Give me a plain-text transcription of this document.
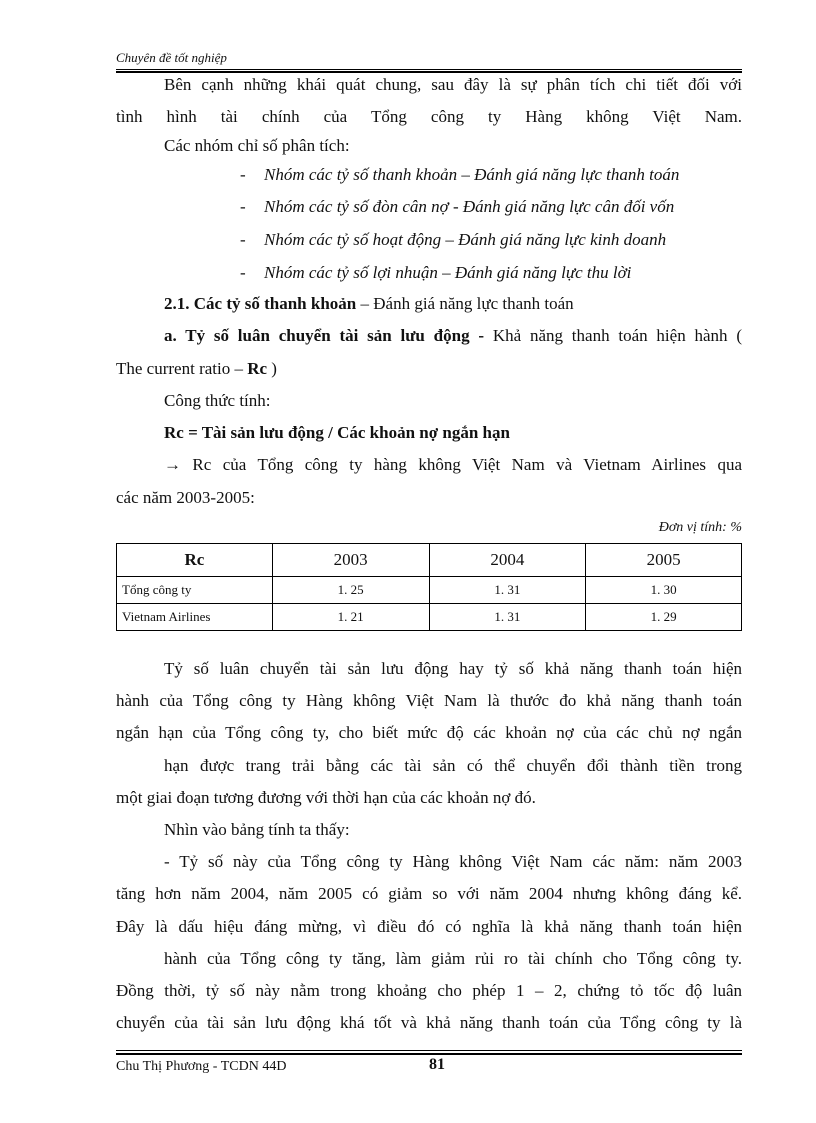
Chuyên đề tốt nghiệp
Bên cạnh những khái quát chung, sau đây là sự phân tích chi tiết đối với
tình hình tài chính của Tổng công ty Hàng không Việt Nam.
Các nhóm chỉ số phân tích:
- Nhóm các tỷ số thanh khoản – Đánh giá năng lực thanh toán
- Nhóm các tỷ số đòn cân nợ - Đánh giá năng lực cân đối vốn
- Nhóm các tỷ số hoạt động – Đánh giá năng lực kinh doanh
- Nhóm các tỷ số lợi nhuận – Đánh giá năng lực thu lời
2.1. Các tỷ số thanh khoản – Đánh giá năng lực thanh toán
a. Tỷ số luân chuyển tài sản lưu động - Khả năng thanh toán hiện hành (
The current ratio – Rc )
Công thức tính:
Rc = Tài sản lưu động / Các khoản nợ ngắn hạn
→ Rc của Tổng công ty hàng không Việt Nam và Vietnam Airlines qua
các năm 2003-2005:
Đơn vị tính: %
Rc	2003	2004	2005
Tổng công ty	1. 25	1. 31	1. 30
Vietnam Airlines	1. 21	1. 31	1. 29
Tỷ số luân chuyển tài sản lưu động hay tỷ số khả năng thanh toán hiện
hành của Tổng công ty Hàng không Việt Nam là thước đo khả năng thanh toán
ngắn hạn của Tổng công ty, cho biết mức độ các khoản nợ của các chủ nợ ngắn
hạn được trang trải bằng các tài sản có thể chuyển đổi thành tiền trong
một giai đoạn tương đương với thời hạn của các khoản nợ đó.
Nhìn vào bảng tính ta thấy:
- Tỷ số này của Tổng công ty Hàng không Việt Nam các năm: năm 2003
tăng hơn năm 2004, năm 2005 có giảm so với năm 2004 nhưng không đáng kể.
Đây là dấu hiệu đáng mừng, vì điều đó có nghĩa là khả năng thanh toán hiện
hành của Tổng công ty tăng, làm giảm rủi ro tài chính cho Tổng công ty.
Đồng thời, tỷ số này nằm trong khoảng cho phép 1 – 2, chứng tỏ tốc độ luân
chuyển của tài sản lưu động khá tốt và khả năng thanh toán của Tổng công ty là
Chu Thị Phương - TCDN 44D	81
